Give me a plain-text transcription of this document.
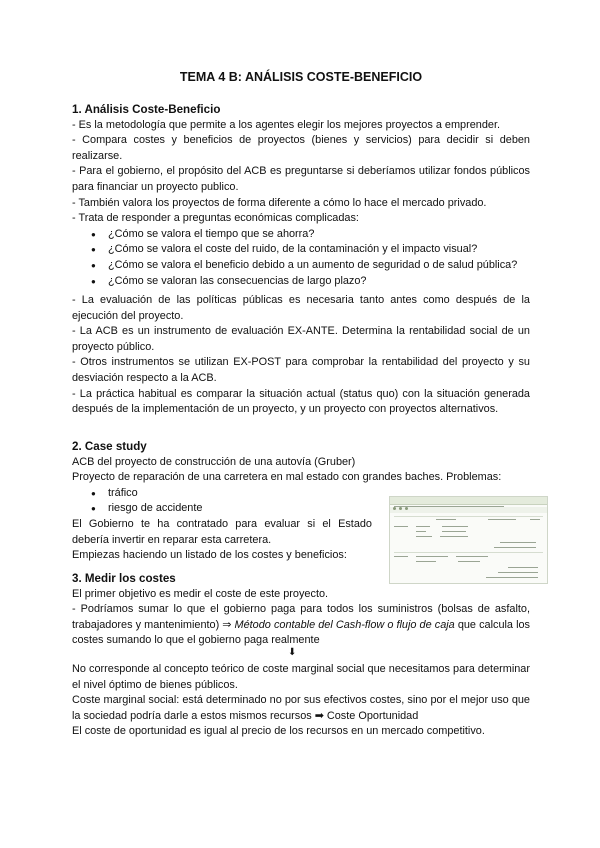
TEMA 4 B: ANÁLISIS COSTE-BENEFICIO
1. Análisis Coste-Beneficio
- Es la metodología que permite a los agentes elegir los mejores proyectos a emprender.
- Compara costes y beneficios de proyectos (bienes y servicios) para decidir si deben realizarse.
- Para el gobierno, el propósito del ACB es preguntarse si deberíamos utilizar fondos públicos para financiar un proyecto publico.
- También valora los proyectos de forma diferente a cómo lo hace el mercado privado.
- Trata de responder a preguntas económicas complicadas:
● ¿Cómo se valora el tiempo que se ahorra?
● ¿Cómo se valora el coste del ruido, de la contaminación y el impacto visual?
● ¿Cómo se valora el beneficio debido a un aumento de seguridad o de salud pública?
● ¿Cómo se valoran las consecuencias de largo plazo?
- La evaluación de las políticas públicas es necesaria tanto antes como después de la ejecución del proyecto.
- La ACB es un instrumento de evaluación EX-ANTE. Determina la rentabilidad social de un proyecto público.
- Otros instrumentos se utilizan EX-POST para comprobar la rentabilidad del proyecto y su desviación respecto a la ACB.
- La práctica habitual es comparar la situación actual (status quo) con la situación generada después de la implementación de un proyecto, y un proyecto con proyectos alternativos.
2. Case study
ACB del proyecto de construcción de una autovía (Gruber)
Proyecto de reparación de una carretera en mal estado con grandes baches. Problemas:
● tráfico
● riesgo de accidente
El Gobierno te ha contratado para evaluar si el Estado debería invertir en reparar esta carretera.
Empiezas haciendo un listado de los costes y beneficios:
3. Medir los costes
El primer objetivo es medir el coste de este proyecto.
- Podríamos sumar lo que el gobierno paga para todos los suministros (bolsas de asfalto, trabajadores y mantenimiento) ⇒ Método contable del Cash-flow o flujo de caja que calcula los costes sumando lo que el gobierno paga realmente
⬇
No corresponde al concepto teórico de coste marginal social que necesitamos para determinar el nivel óptimo de bienes públicos.
Coste marginal social: está determinado no por sus efectivos costes, sino por el mejor uso que la sociedad podría darle a estos mismos recursos ➡ Coste Oportunidad
El coste de oportunidad es igual al precio de los recursos en un mercado competitivo.
